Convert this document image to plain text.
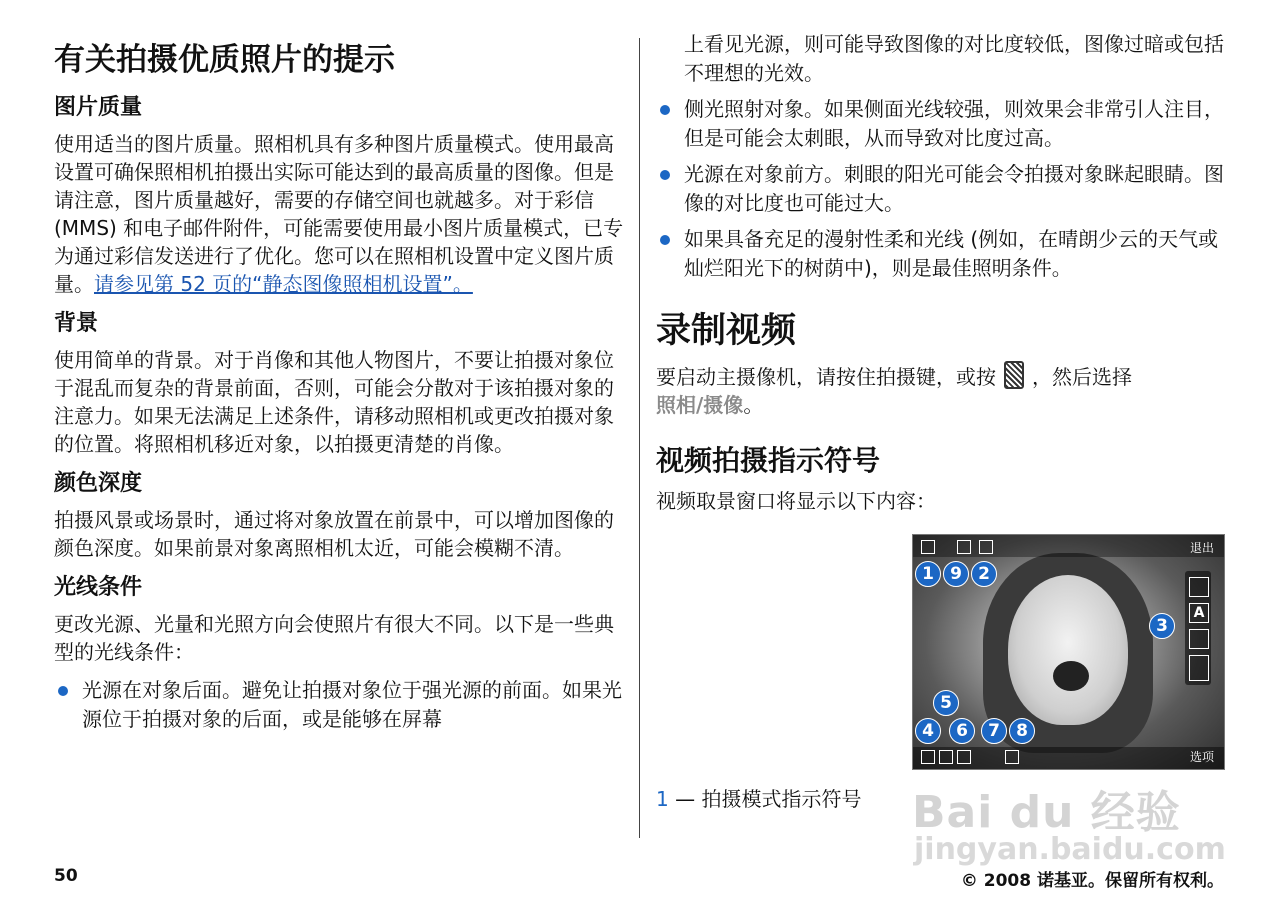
有关拍摄优质照片的提示
图片质量

使用适当的图片质量。照相机具有多种图片质量模式。使用最高设置可确保照相机拍摄出实际可能达到的最高质量的图像。但是请注意，图片质量越好，需要的存储空间也就越多。对于彩信 (MMS) 和电子邮件附件，可能需要使用最小图片质量模式，已专为通过彩信发送进行了优化。您可以在照相机设置中定义图片质量。请参见第 52 页的“静态图像照相机设置”。

背景

使用简单的背景。对于肖像和其他人物图片，不要让拍摄对象位于混乱而复杂的背景前面，否则，可能会分散对于该拍摄对象的注意力。如果无法满足上述条件，请移动照相机或更改拍摄对象的位置。将照相机移近对象，以拍摄更清楚的肖像。

颜色深度

拍摄风景或场景时，通过将对象放置在前景中，可以增加图像的颜色深度。如果前景对象离照相机太近，可能会模糊不清。

光线条件

更改光源、光量和光照方向会使照片有很大不同。以下是一些典型的光线条件：

光源在对象后面。避免让拍摄对象位于强光源的前面。如果光源位于拍摄对象的后面，或是能够在屏幕

上看见光源，则可能导致图像的对比度较低，图像过暗或包括不理想的光效。

侧光照射对象。如果侧面光线较强，则效果会非常引人注目，但是可能会太刺眼，从而导致对比度过高。
光源在对象前方。刺眼的阳光可能会令拍摄对象眯起眼睛。图像的对比度也可能过大。
如果具备充足的漫射性柔和光线 (例如，在晴朗少云的天气或灿烂阳光下的树荫中)，则是最佳照明条件。
录制视频

要启动主摄像机，请按住拍摄键，或按 ，然后选择
照相/摄像。

视频拍摄指示符号

视频取景窗口将显示以下内容：

退出
A
选项
1 9 2
3
5
4	6	7 8
1 — 拍摄模式指示符号 Bai du 经验
jingyan.baidu.com
50	© 2008 诺基亚。保留所有权利。
